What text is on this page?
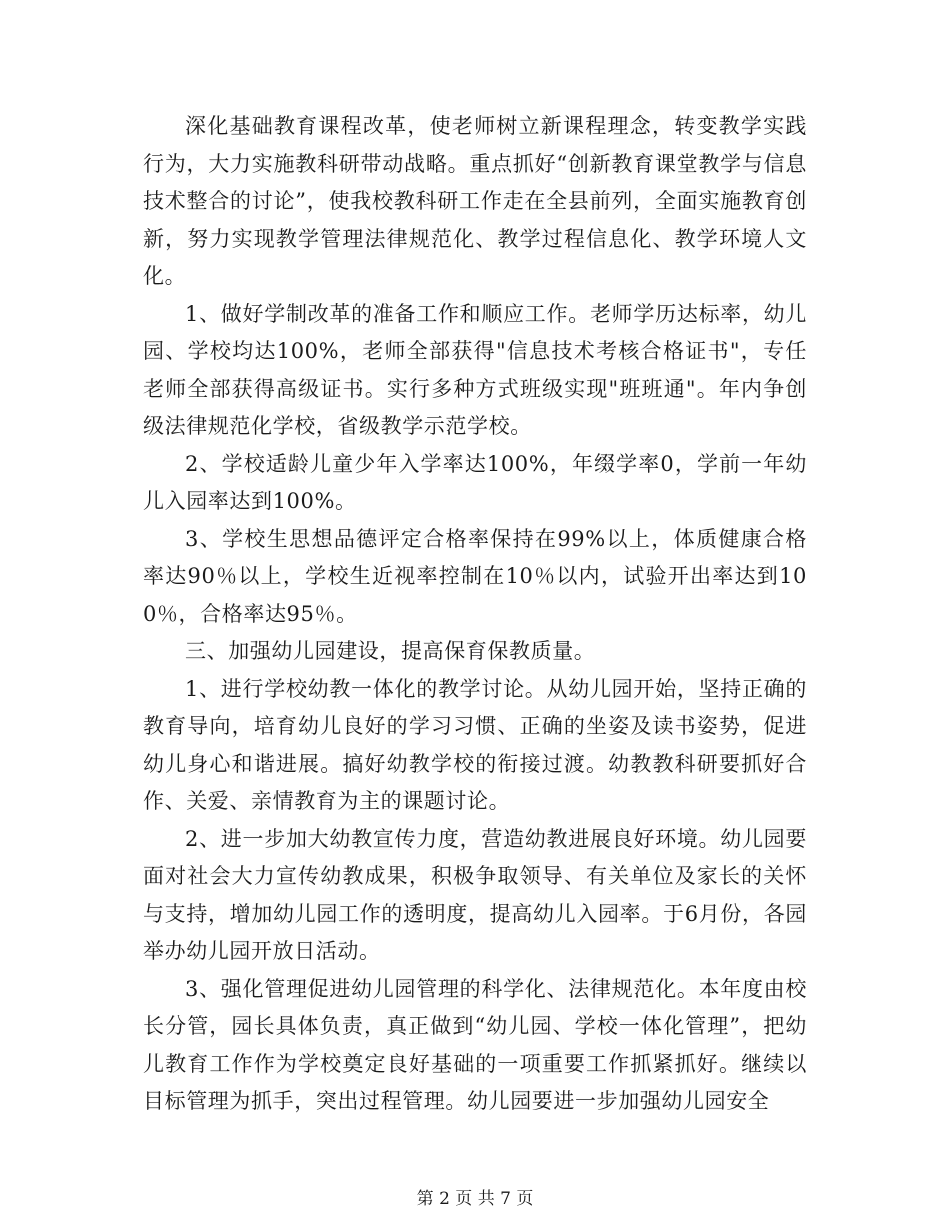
深化基础教育课程改革，使老师树立新课程理念，转变教学实践行为，大力实施教科研带动战略。重点抓好“创新教育课堂教学与信息技术整合的讨论”，使我校教科研工作走在全县前列，全面实施教育创新，努力实现教学管理法律规范化、教学过程信息化、教学环境人文化。

1、做好学制改革的准备工作和顺应工作。老师学历达标率，幼儿园、学校均达100%，老师全部获得"信息技术考核合格证书"，专任老师全部获得高级证书。实行多种方式班级实现"班班通"。年内争创级法律规范化学校，省级教学示范学校。

2、学校适龄儿童少年入学率达100%，年缀学率0，学前一年幼儿入园率达到100%。

3、学校生思想品德评定合格率保持在99%以上，体质健康合格率达90％以上，学校生近视率控制在10％以内，试验开出率达到100％，合格率达95％。

三、加强幼儿园建设，提高保育保教质量。

1、进行学校幼教一体化的教学讨论。从幼儿园开始，坚持正确的教育导向，培育幼儿良好的学习习惯、正确的坐姿及读书姿势，促进幼儿身心和谐进展。搞好幼教学校的衔接过渡。幼教教科研要抓好合作、关爱、亲情教育为主的课题讨论。

2、进一步加大幼教宣传力度，营造幼教进展良好环境。幼儿园要面对社会大力宣传幼教成果，积极争取领导、有关单位及家长的关怀与支持，增加幼儿园工作的透明度，提高幼儿入园率。于6月份，各园举办幼儿园开放日活动。

3、强化管理促进幼儿园管理的科学化、法律规范化。本年度由校长分管，园长具体负责，真正做到“幼儿园、学校一体化管理”，把幼儿教育工作作为学校奠定良好基础的一项重要工作抓紧抓好。继续以目标管理为抓手，突出过程管理。幼儿园要进一步加强幼儿园安全

第 2 页 共 7 页
